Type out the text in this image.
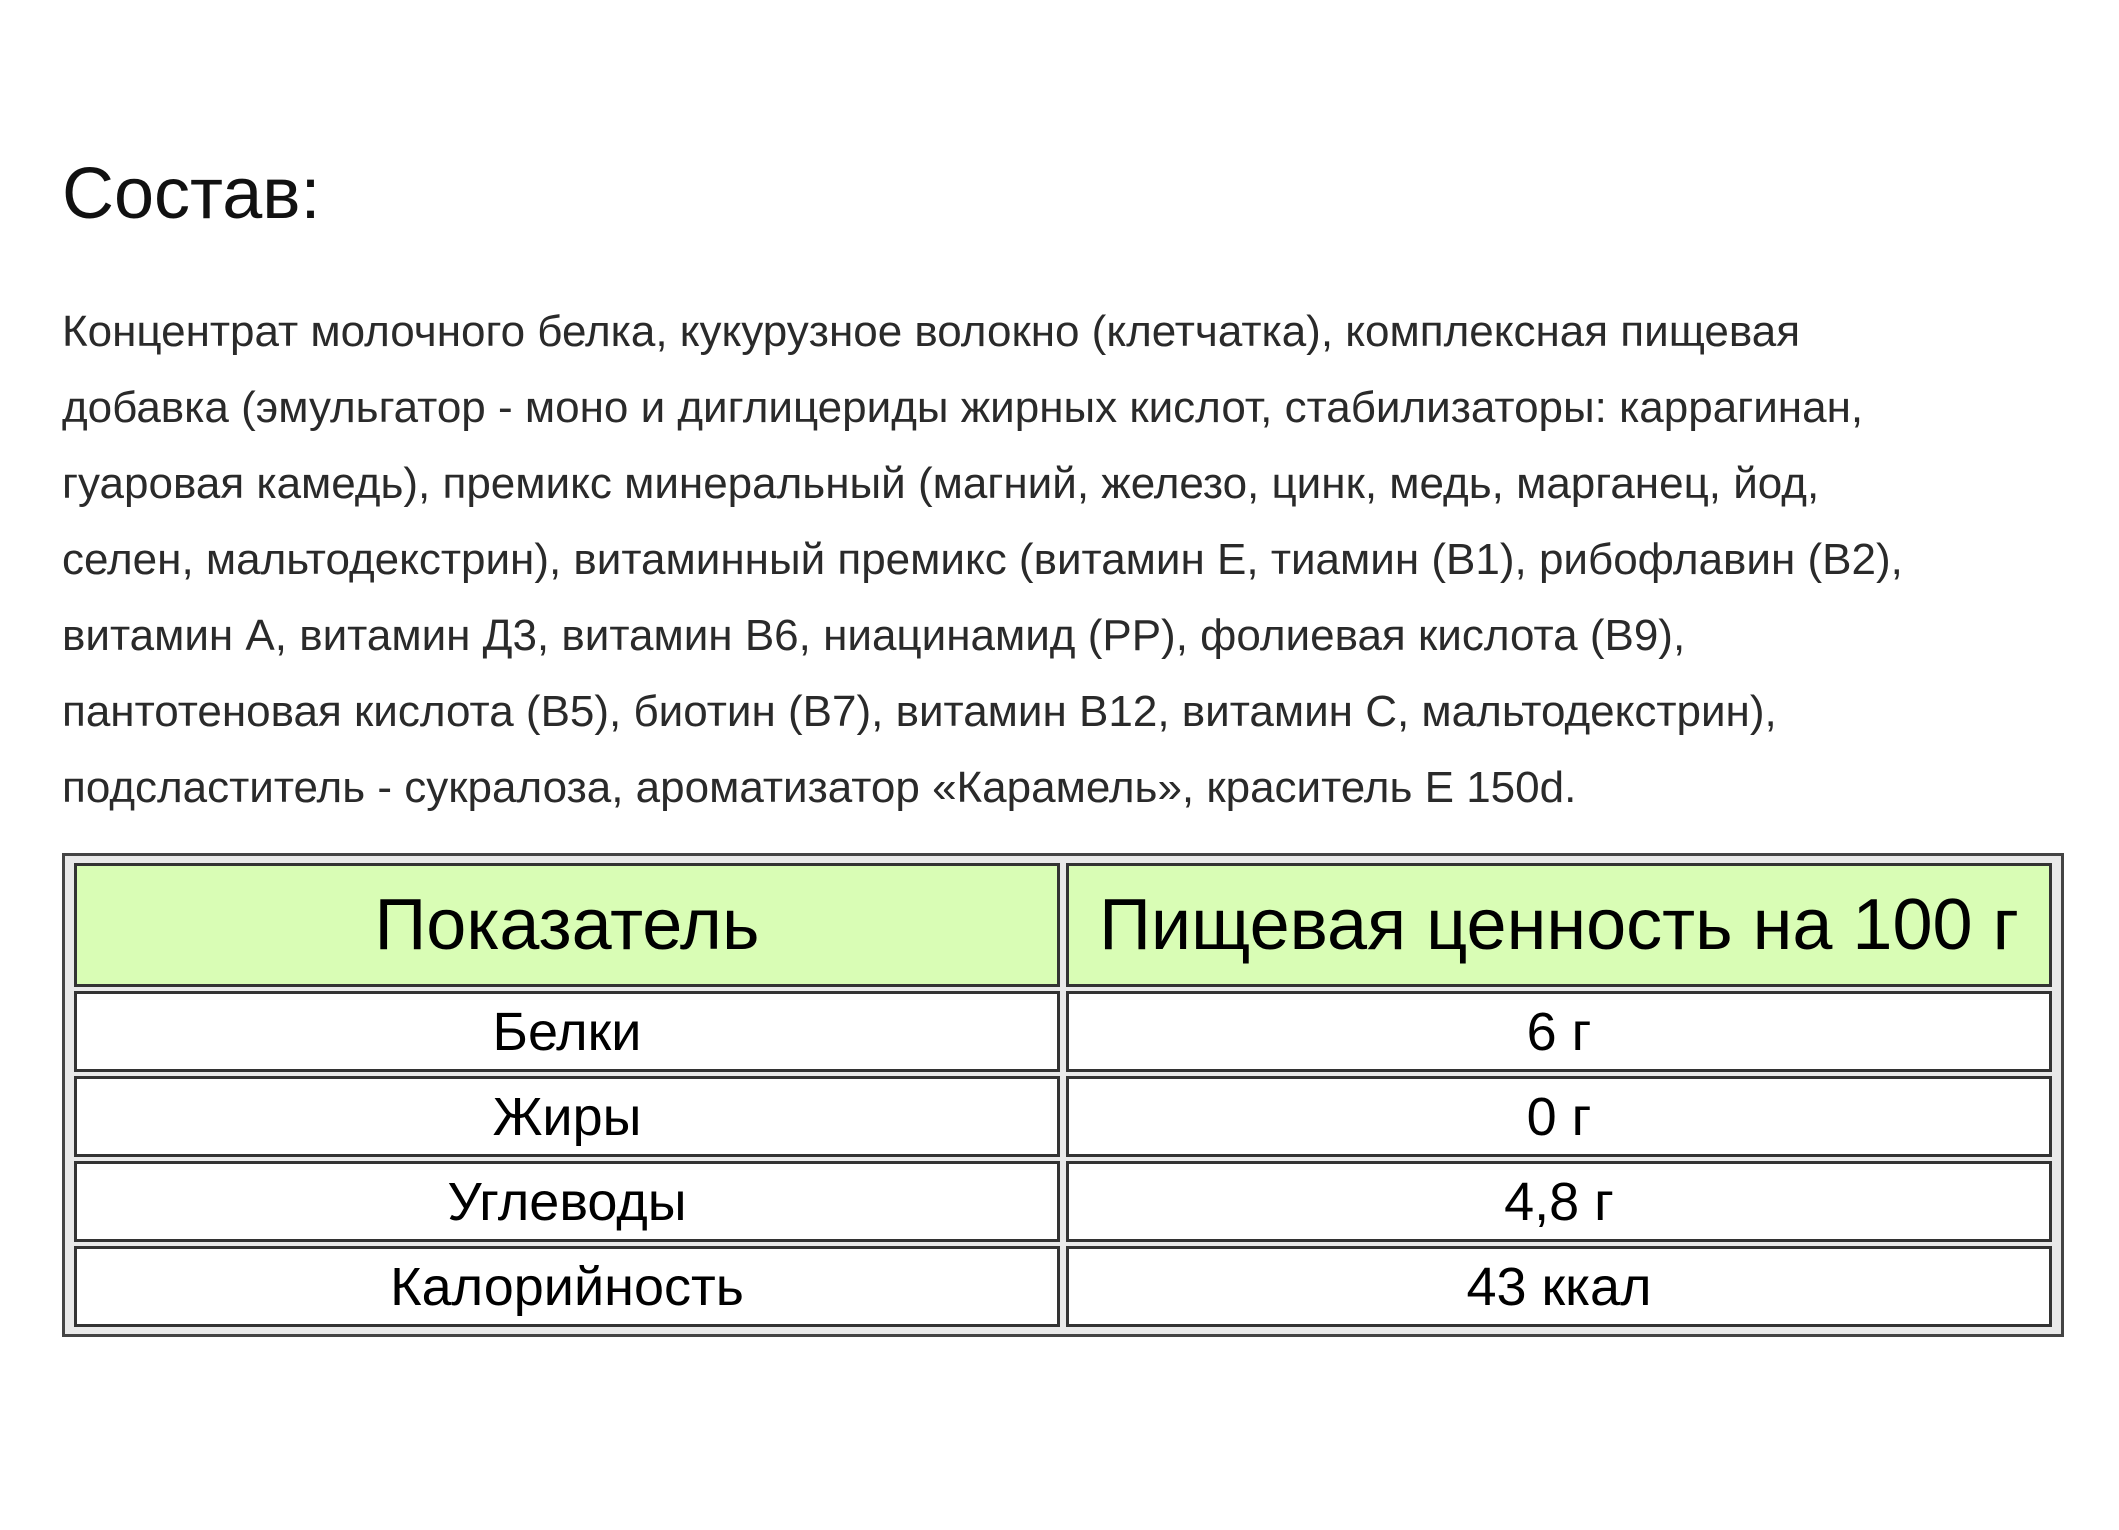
Состав:

Концентрат молочного белка, кукурузное волокно (клетчатка), комплексная пищевая
добавка (эмульгатор - моно и диглицериды жирных кислот, стабилизаторы: каррагинан,
гуаровая камедь), премикс минеральный (магний, железо, цинк, медь, марганец, йод,
селен, мальтодекстрин), витаминный премикс (витамин Е, тиамин (В1), рибофлавин (В2),
витамин А, витамин Д3, витамин В6, ниацинамид (РР), фолиевая кислота (В9),
пантотеновая кислота (В5), биотин (В7), витамин В12, витамин С, мальтодекстрин),
подсластитель - сукралоза, ароматизатор «Карамель», краситель Е 150d.

Показатель	Пищевая ценность на 100 г
Белки	6 г
Жиры	0 г
Углеводы	4,8 г
Калорийность	43 ккал
